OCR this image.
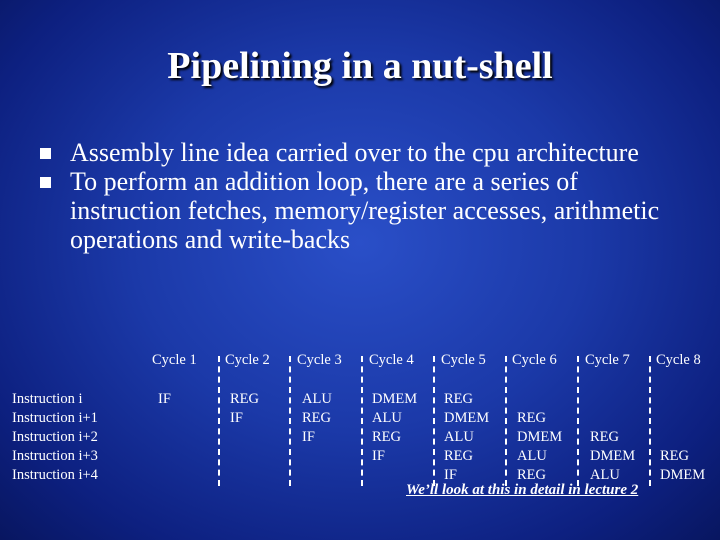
Pipelining in a nut-shell
Assembly line idea carried over to the cpu architecture
To perform an addition loop, there are a series of instruction fetches, memory/register accesses, arithmetic operations and write-backs
Cycle 1 Cycle 2 Cycle 3 Cycle 4 Cycle 5 Cycle 6 Cycle 7 Cycle 8
Instruction i
Instruction i+1
Instruction i+2
Instruction i+3
Instruction i+4
IF	REG
IF
ALU
REG
IF
DMEM
ALU
REG
IF
REG
DMEM
ALU
REG
IF
REG
DMEM
ALU
REG
REG
DMEM
ALU
REG
DMEM
We’ll look at this in detail in lecture 2
